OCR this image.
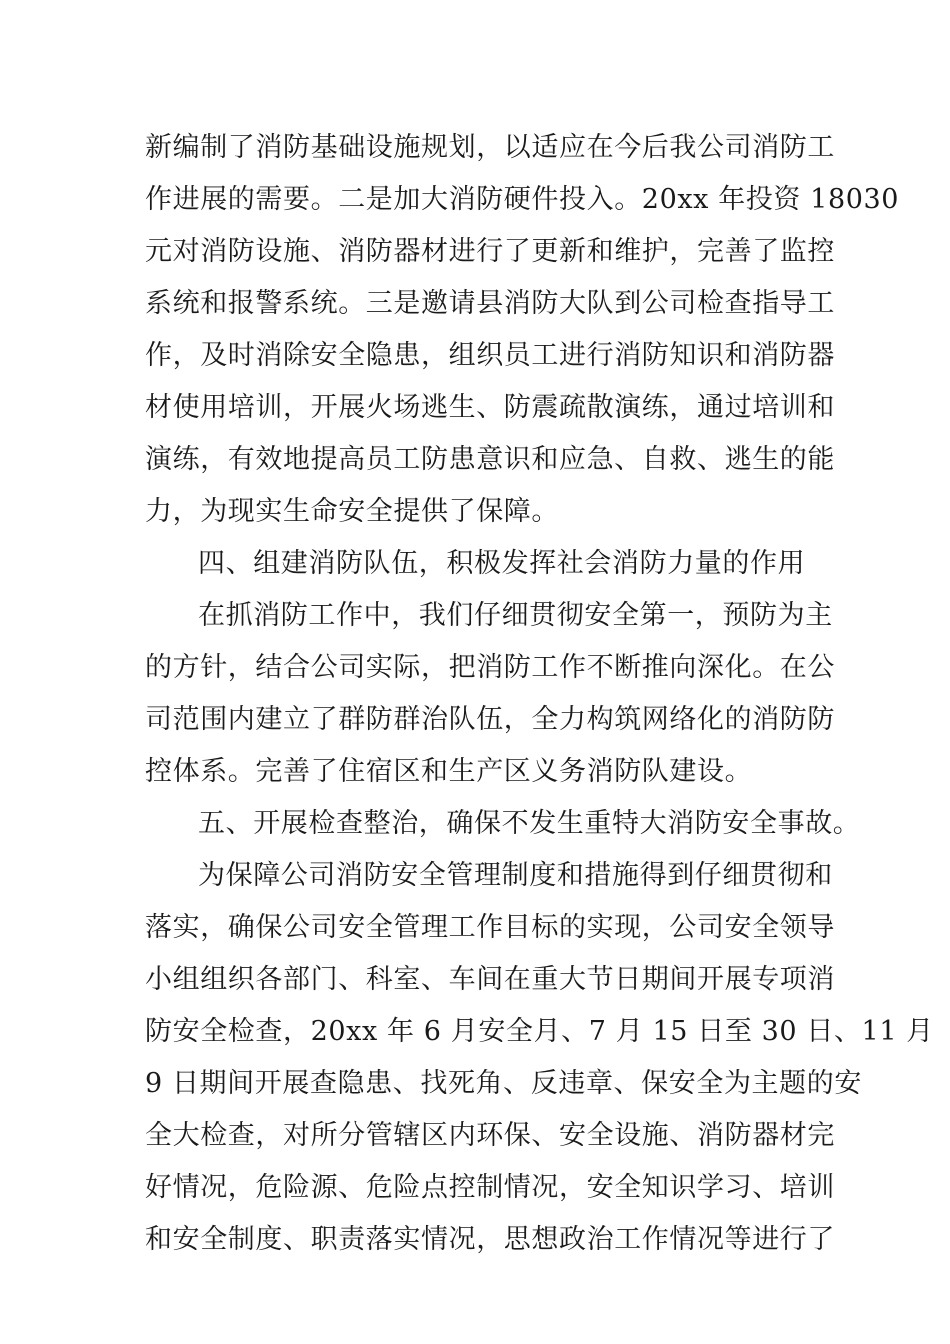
新编制了消防基础设施规划，以适应在今后我公司消防工
作进展的需要。二是加大消防硬件投入。20xx 年投资 18030
元对消防设施、消防器材进行了更新和维护，完善了监控
系统和报警系统。三是邀请县消防大队到公司检查指导工
作，及时消除安全隐患，组织员工进行消防知识和消防器
材使用培训，开展火场逃生、防震疏散演练，通过培训和
演练，有效地提高员工防患意识和应急、自救、逃生的能
力，为现实生命安全提供了保障。
四、组建消防队伍，积极发挥社会消防力量的作用
在抓消防工作中，我们仔细贯彻安全第一，预防为主
的方针，结合公司实际，把消防工作不断推向深化。在公
司范围内建立了群防群治队伍，全力构筑网络化的消防防
控体系。完善了住宿区和生产区义务消防队建设。
五、开展检查整治，确保不发生重特大消防安全事故。
为保障公司消防安全管理制度和措施得到仔细贯彻和
落实，确保公司安全管理工作目标的实现，公司安全领导
小组组织各部门、科室、车间在重大节日期间开展专项消
防安全检查，20xx 年 6 月安全月、7 月 15 日至 30 日、11 月
9 日期间开展查隐患、找死角、反违章、保安全为主题的安
全大检查，对所分管辖区内环保、安全设施、消防器材完
好情况，危险源、危险点控制情况，安全知识学习、培训
和安全制度、职责落实情况，思想政治工作情况等进行了
